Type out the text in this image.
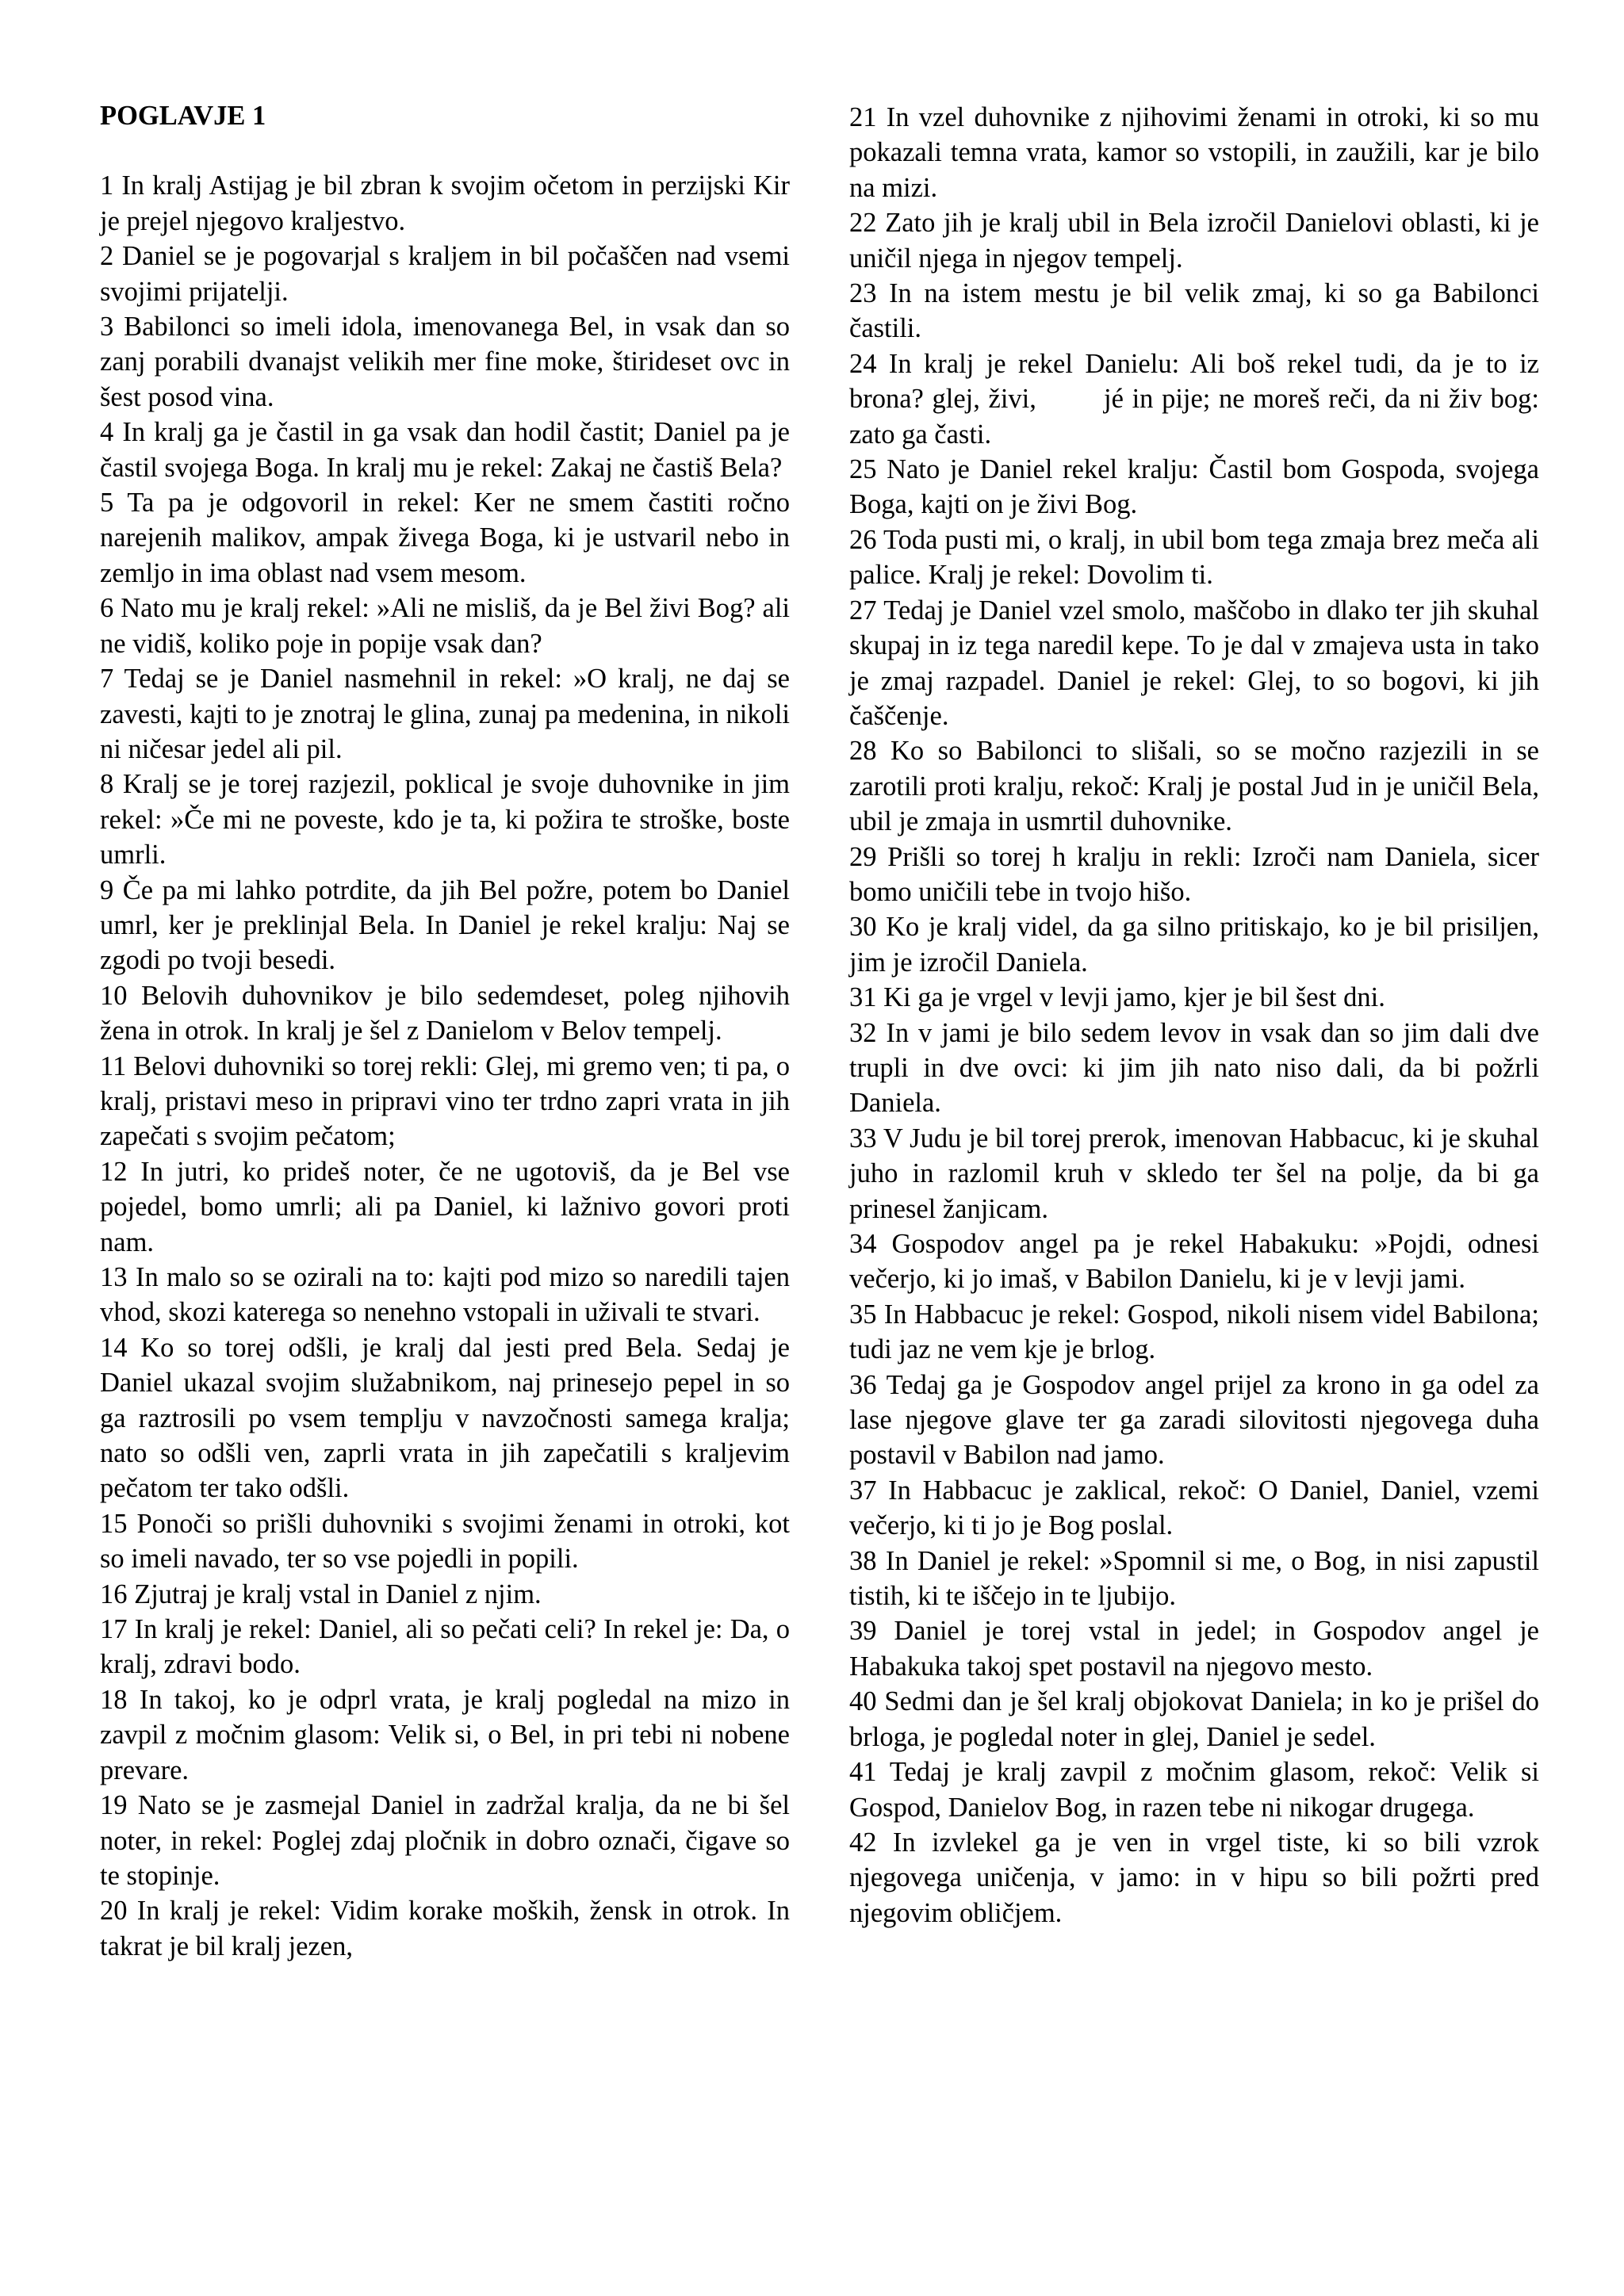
POGLAVJE 1

1 In kralj Astijag je bil zbran k svojim očetom in perzijski Kir je prejel njegovo kraljestvo.

2 Daniel se je pogovarjal s kraljem in bil počaščen nad vsemi svojimi prijatelji.

3 Babilonci so imeli idola, imenovanega Bel, in vsak dan so zanj porabili dvanajst velikih mer fine moke, štirideset ovc in šest posod vina.

4 In kralj ga je častil in ga vsak dan hodil častit; Daniel pa je častil svojega Boga. In kralj mu je rekel: Zakaj ne častiš Bela?

5 Ta pa je odgovoril in rekel: Ker ne smem častiti ročno narejenih malikov, ampak živega Boga, ki je ustvaril nebo in zemljo in ima oblast nad vsem mesom.

6 Nato mu je kralj rekel: »Ali ne misliš, da je Bel živi Bog? ali ne vidiš, koliko poje in popije vsak dan?

7 Tedaj se je Daniel nasmehnil in rekel: »O kralj, ne daj se zavesti, kajti to je znotraj le glina, zunaj pa medenina, in nikoli ni ničesar jedel ali pil.

8 Kralj se je torej razjezil, poklical je svoje duhovnike in jim rekel: »Če mi ne poveste, kdo je ta, ki požira te stroške, boste umrli.

9 Če pa mi lahko potrdite, da jih Bel požre, potem bo Daniel umrl, ker je preklinjal Bela. In Daniel je rekel kralju: Naj se zgodi po tvoji besedi.

10 Belovih duhovnikov je bilo sedemdeset, poleg njihovih žena in otrok. In kralj je šel z Danielom v Belov tempelj.

11 Belovi duhovniki so torej rekli: Glej, mi gremo ven; ti pa, o kralj, pristavi meso in pripravi vino ter trdno zapri vrata in jih zapečati s svojim pečatom;

12 In jutri, ko prideš noter, če ne ugotoviš, da je Bel vse pojedel, bomo umrli; ali pa Daniel, ki lažnivo govori proti nam.

13 In malo so se ozirali na to: kajti pod mizo so naredili tajen vhod, skozi katerega so nenehno vstopali in uživali te stvari.

14 Ko so torej odšli, je kralj dal jesti pred Bela. Sedaj je Daniel ukazal svojim služabnikom, naj prinesejo pepel in so ga raztrosili po vsem templju v navzočnosti samega kralja; nato so odšli ven, zaprli vrata in jih zapečatili s kraljevim pečatom ter tako odšli.

15 Ponoči so prišli duhovniki s svojimi ženami in otroki, kot so imeli navado, ter so vse pojedli in popili.

16 Zjutraj je kralj vstal in Daniel z njim.

17 In kralj je rekel: Daniel, ali so pečati celi? In rekel je: Da, o kralj, zdravi bodo.

18 In takoj, ko je odprl vrata, je kralj pogledal na mizo in zavpil z močnim glasom: Velik si, o Bel, in pri tebi ni nobene prevare.

19 Nato se je zasmejal Daniel in zadržal kralja, da ne bi šel noter, in rekel: Poglej zdaj pločnik in dobro označi, čigave so te stopinje.

20 In kralj je rekel: Vidim korake moških, žensk in otrok. In takrat je bil kralj jezen,

21 In vzel duhovnike z njihovimi ženami in otroki, ki so mu pokazali temna vrata, kamor so vstopili, in zaužili, kar je bilo na mizi.

22 Zato jih je kralj ubil in Bela izročil Danielovi oblasti, ki je uničil njega in njegov tempelj.

23 In na istem mestu je bil velik zmaj, ki so ga Babilonci častili.

24 In kralj je rekel Danielu: Ali boš rekel tudi, da je to iz brona? glej, živi,        jé in pije; ne moreš reči, da ni živ bog: zato ga časti.

25 Nato je Daniel rekel kralju: Častil bom Gospoda, svojega Boga, kajti on je živi Bog.

26 Toda pusti mi, o kralj, in ubil bom tega zmaja brez meča ali palice. Kralj je rekel: Dovolim ti.

27 Tedaj je Daniel vzel smolo, maščobo in dlako ter jih skuhal skupaj in iz tega naredil kepe. To je dal v zmajeva usta in tako je zmaj razpadel. Daniel je rekel: Glej, to so bogovi, ki jih čaščenje.

28 Ko so Babilonci to slišali, so se močno razjezili in se zarotili proti kralju, rekoč: Kralj je postal Jud in je uničil Bela, ubil je zmaja in usmrtil duhovnike.

29 Prišli so torej h kralju in rekli: Izroči nam Daniela, sicer bomo uničili tebe in tvojo hišo.

30 Ko je kralj videl, da ga silno pritiskajo, ko je bil prisiljen, jim je izročil Daniela.

31 Ki ga je vrgel v levji jamo, kjer je bil šest dni.

32 In v jami je bilo sedem levov in vsak dan so jim dali dve trupli in dve ovci: ki jim jih nato niso dali, da bi požrli Daniela.

33 V Judu je bil torej prerok, imenovan Habbacuc, ki je skuhal juho in razlomil kruh v skledo ter šel na polje, da bi ga prinesel žanjicam.

34 Gospodov angel pa je rekel Habakuku: »Pojdi, odnesi večerjo, ki jo imaš, v Babilon Danielu, ki je v levji jami.

35 In Habbacuc je rekel: Gospod, nikoli nisem videl Babilona; tudi jaz ne vem kje je brlog.

36 Tedaj ga je Gospodov angel prijel za krono in ga odel za lase njegove glave ter ga zaradi silovitosti njegovega duha postavil v Babilon nad jamo.

37 In Habbacuc je zaklical, rekoč: O Daniel, Daniel, vzemi večerjo, ki ti jo je Bog poslal.

38 In Daniel je rekel: »Spomnil si me, o Bog, in nisi zapustil tistih, ki te iščejo in te ljubijo.

39 Daniel je torej vstal in jedel; in Gospodov angel je Habakuka takoj spet postavil na njegovo mesto.

40 Sedmi dan je šel kralj objokovat Daniela; in ko je prišel do brloga, je pogledal noter in glej, Daniel je sedel.

41 Tedaj je kralj zavpil z močnim glasom, rekoč: Velik si Gospod, Danielov Bog, in razen tebe ni nikogar drugega.

42 In izvlekel ga je ven in vrgel tiste, ki so bili vzrok njegovega uničenja, v jamo: in v hipu so bili požrti pred njegovim obličjem.
